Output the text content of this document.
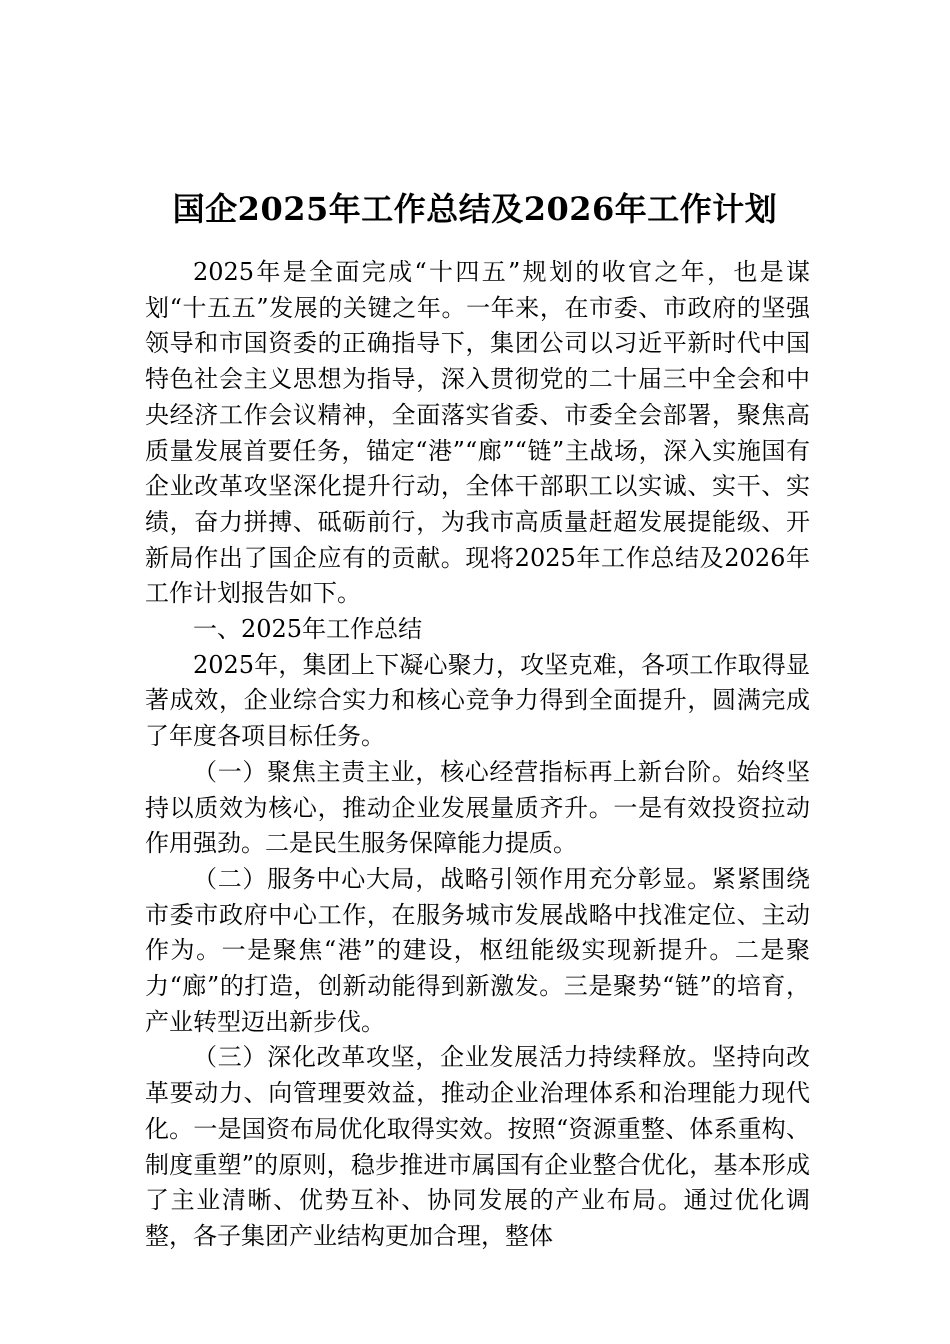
国企2025年工作总结及2026年工作计划

2025年是全面完成“十四五”规划的收官之年，也是谋划“十五五”发展的关键之年。一年来，在市委、市政府的坚强领导和市国资委的正确指导下，集团公司以习近平新时代中国特色社会主义思想为指导，深入贯彻党的二十届三中全会和中央经济工作会议精神，全面落实省委、市委全会部署，聚焦高质量发展首要任务，锚定“港”“廊”“链”主战场，深入实施国有企业改革攻坚深化提升行动，全体干部职工以实诚、实干、实绩，奋力拼搏、砥砺前行，为我市高质量赶超发展提能级、开新局作出了国企应有的贡献。现将2025年工作总结及2026年工作计划报告如下。

一、2025年工作总结

2025年，集团上下凝心聚力，攻坚克难，各项工作取得显著成效，企业综合实力和核心竞争力得到全面提升，圆满完成了年度各项目标任务。

（一）聚焦主责主业，核心经营指标再上新台阶。始终坚持以质效为核心，推动企业发展量质齐升。一是有效投资拉动作用强劲。二是民生服务保障能力提质。

（二）服务中心大局，战略引领作用充分彰显。紧紧围绕市委市政府中心工作，在服务城市发展战略中找准定位、主动作为。一是聚焦“港”的建设，枢纽能级实现新提升。二是聚力“廊”的打造，创新动能得到新激发。三是聚势“链”的培育，产业转型迈出新步伐。

（三）深化改革攻坚，企业发展活力持续释放。坚持向改革要动力、向管理要效益，推动企业治理体系和治理能力现代化。一是国资布局优化取得实效。按照“资源重整、体系重构、制度重塑”的原则，稳步推进市属国有企业整合优化，基本形成了主业清晰、优势互补、协同发展的产业布局。通过优化调整，各子集团产业结构更加合理，整体
